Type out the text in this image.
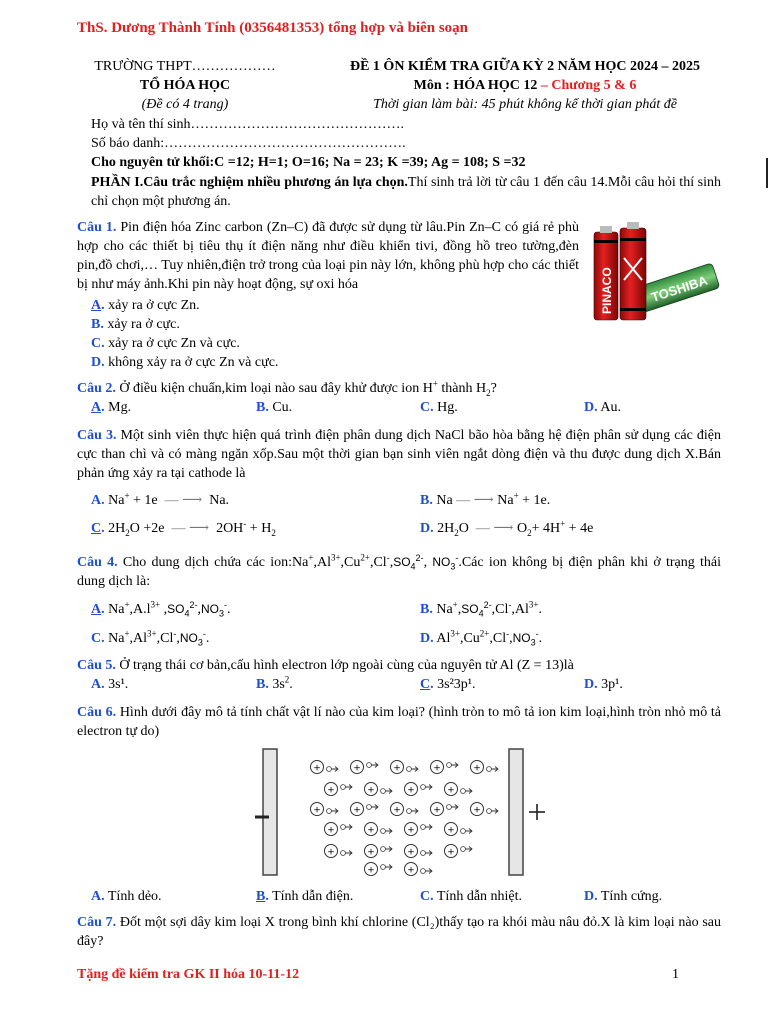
ThS. Dương Thành Tính (0356481353) tổng hợp và biên soạn
TRƯỜNG THPT………………
TỔ HÓA HỌC
(Đề có 4 trang)
ĐỀ 1 ÔN KIỂM TRA GIỮA KỲ 2 NĂM HỌC 2024 – 2025
Môn : HÓA HỌC 12 – Chương 5 & 6
Thời gian làm bài: 45 phút không kể thời gian phát đề
Họ và tên thí sinh……………………………………….
Số báo danh:…………………………………………….
Cho nguyên tử khối:C =12; H=1; O=16; Na = 23; K =39; Ag = 108; S =32
PHẦN I.Câu trắc nghiệm nhiều phương án lựa chọn.Thí sinh trả lời từ câu 1 đến câu 14.Mỗi câu hỏi thí sinh chỉ chọn một phương án.
Câu 1. Pin điện hóa Zinc carbon (Zn–C) đã được sử dụng từ lâu.Pin Zn–C có giá rẻ phù hợp cho các thiết bị tiêu thụ ít điện năng như điều khiển tivi, đồng hồ treo tường,đèn pin,đồ chơi,… Tuy nhiên,điện trở trong của loại pin này lớn, không phù hợp cho các thiết bị như máy ảnh.Khi pin này hoạt động, sự oxi hóa	TOSHIBA
PINACO
A. xảy ra ở cực Zn.
B. xảy ra ở cực.
C. xảy ra ở cực Zn và cực.
D. không xảy ra ở cực Zn và cực.
Câu 2. Ở điều kiện chuẩn,kim loại nào sau đây khử được ion H+ thành $H_2$?
A. Mg.	B. Cu.	C. Hg.	D. Au.
Câu 3. Một sinh viên thực hiện quá trình điện phân dung dịch NaCl bão hòa bằng hệ điện phân sử dụng các điện cực than chì và có màng ngăn xốp.Sau một thời gian bạn sinh viên ngắt dòng điện và thu được dung dịch X.Bán phản ứng xảy ra tại cathode là
A. Na+ + 1e  — ⟶  Na.	B. Na — ⟶ Na+ + 1e.
C. $2H_2O +2e$  — ⟶  $2OH^- + H_2$	D. $2H_2O$  — ⟶ $O_2+ 4H^+ + 4e$
Câu 4. Cho dung dịch chứa các $ion:Na^+,Al^{3+},Cu^{2+},Cl^-,SO_4^{2-}$, $NO_3^-.Các$ ion không bị điện phân khi ở trạng thái dung dịch là:
A. $Na^+,A.l^{3+}$ $,SO_4^{2-},NO_3^-$.	B. $Na^+,SO_4^{2-},Cl^-,Al^{3+}$.
C. $Na^+,Al^{3+},Cl^-,NO_3^-$.	D. $Al^{3+},Cu^{2+},Cl^-,NO_3^-$.
Câu 5. Ở trạng thái cơ bản,cấu hình electron lớp ngoài cùng của nguyên tử Al (Z = 13)là
A. 3s¹.	B. $3s^2$.	C. 3s²3p¹.	D. 3p¹.
Câu 6. Hình dưới đây mô tả tính chất vật lí nào của kim loại? (hình tròn to mô tả ion kim loại,hình tròn nhỏ mô tả electron tự do)
+	+	+	+	+
+	+	+	+
+	+	+	+	+
+	+	+	+
+	+	+	+
+	+
A. Tính dẻo.	B. Tính dẫn điện.	C. Tính dẫn nhiệt.	D. Tính cứng.
Câu 7. Đốt một sợi dây kim loại X trong bình khí chlorine (Cl₂)thấy tạo ra khói màu nâu đỏ.X là kim loại nào sau đây?
Tặng đề kiểm tra GK II hóa 10-11-12	1
